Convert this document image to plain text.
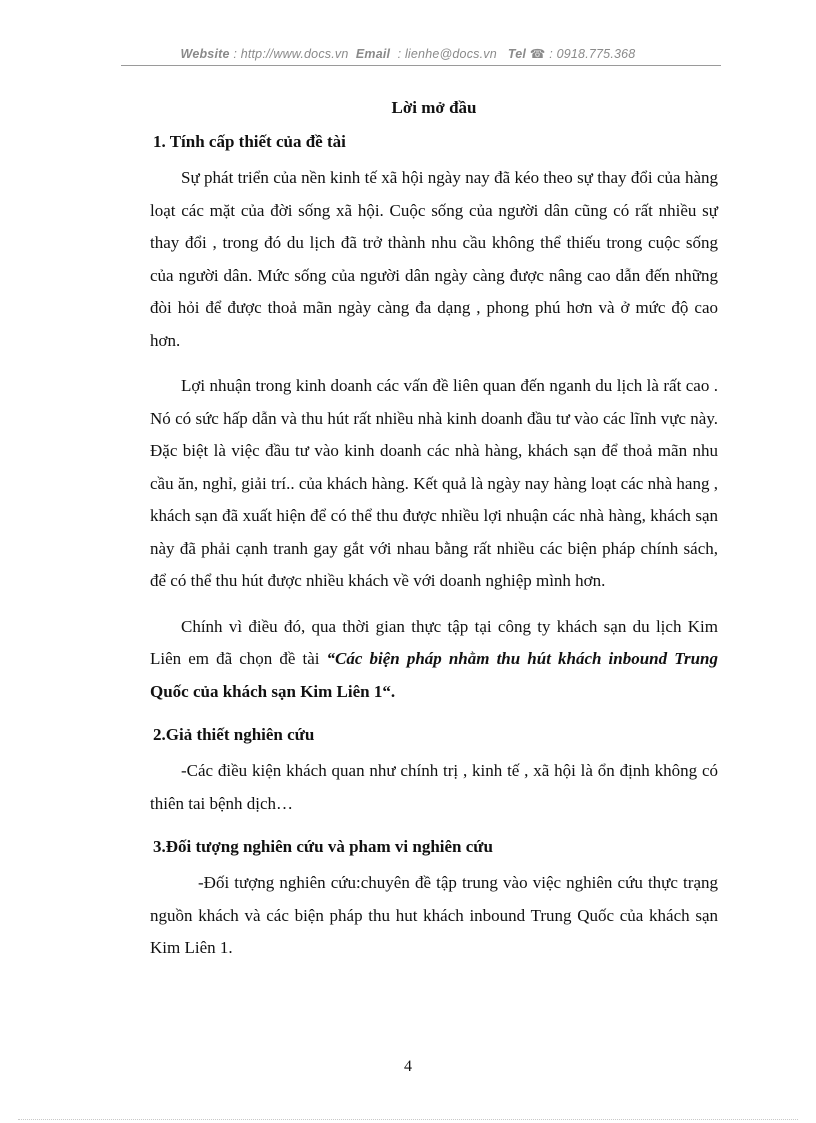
Website : http://www.docs.vn Email : lienhe@docs.vn Tel ☎ : 0918.775.368
Lời mở đầu
1. Tính cấp thiết của đề tài

Sự phát triển của nền kinh tế xã hội ngày nay đã kéo theo sự thay đổi của hàng loạt các mặt của đời sống xã hội. Cuộc sống của người dân cũng có rất nhiều sự thay đổi , trong đó du lịch đã trở thành nhu cầu không thể thiếu trong cuộc sống của người dân. Mức sống của người dân ngày càng được nâng cao dẫn đến những đòi hỏi để được thoả mãn ngày càng đa dạng , phong phú hơn và ở mức độ cao hơn.

Lợi nhuận trong kinh doanh các vấn đề liên quan đến nganh du lịch là rất cao . Nó có sức hấp dẫn và thu hút rất nhiều nhà kinh doanh đầu tư vào các lĩnh vực này. Đặc biệt là việc đầu tư vào kinh doanh các nhà hàng, khách sạn để thoả mãn nhu cầu ăn, nghỉ, giải trí.. của khách hàng. Kết quả là ngày nay hàng loạt các nhà hang , khách sạn đã xuất hiện để có thể thu được nhiều lợi nhuận các nhà hàng, khách sạn này đã phải cạnh tranh gay gắt với nhau bằng rất nhiều các biện pháp chính sách, để có thể thu hút được nhiều khách về với doanh nghiệp mình hơn.

Chính vì điều đó, qua thời gian thực tập tại công ty khách sạn du lịch Kim Liên em đã chọn đề tài “Các biện pháp nhằm thu hút khách inbound Trung Quốc của khách sạn Kim Liên 1“.

2.Giả thiết nghiên cứu

-Các điều kiện khách quan như chính trị , kinh tế , xã hội là ổn định không có thiên tai bệnh dịch…

3.Đối tượng nghiên cứu và pham vi nghiên cứu

-Đối tượng nghiên cứu:chuyên đề tập trung vào việc nghiên cứu thực trạng nguồn khách và các biện pháp thu hut khách inbound Trung Quốc của khách sạn Kim Liên 1.

4
